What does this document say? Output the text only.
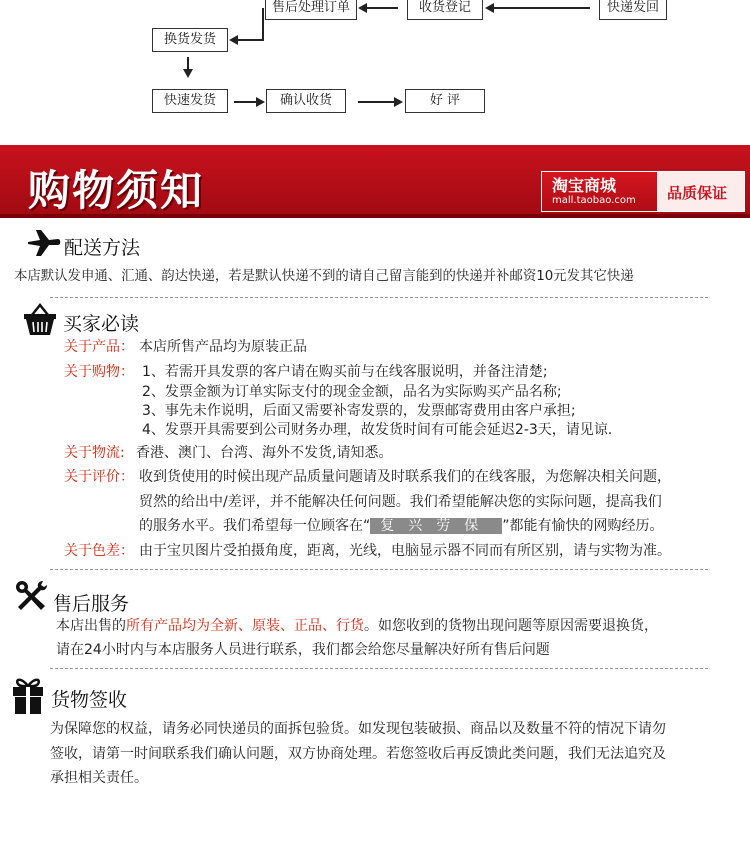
售后处理订单	收货登记	快递发回
换货发货
快速发货	确认收货	好 评
购物须知	淘宝商城
mall.taobao.com 品质保证
配送方法
本店默认发申通、汇通、韵达快递，若是默认快递不到的请自己留言能到的快递并补邮资10元发其它快递
买家必读
关于产品： 本店所售产品均为原装正品
关于购物： 1、若需开具发票的客户请在购买前与在线客服说明，并备注清楚;
2、发票金额为订单实际支付的现金金额，品名为实际购买产品名称;
3、事先未作说明，后面又需要补寄发票的，发票邮寄费用由客户承担;
4、发票开具需要到公司财务办理，故发货时间有可能会延迟2-3天，请见谅.
关于物流: 香港、澳门、台湾、海外不发货,请知悉。
关于评价： 收到货使用的时候出现产品质量问题请及时联系我们的在线客服，为您解决相关问题，
贸然的给出中/差评，并不能解决任何问题。我们希望能解决您的实际问题，提高我们
的服务水平。我们希望每一位顾客在“ 复兴劳保 ”都能有愉快的网购经历。
关于色差： 由于宝贝图片受拍摄角度，距离，光线，电脑显示器不同而有所区别，请与实物为准。
售后服务
本店出售的所有产品均为全新、原装、正品、行货。如您收到的货物出现问题等原因需要退换货，
请在24小时内与本店服务人员进行联系，我们都会给您尽量解决好所有售后问题
货物签收
为保障您的权益，请务必同快递员的面拆包验货。如发现包装破损、商品以及数量不符的情况下请勿
签收，请第一时间联系我们确认问题，双方协商处理。若您签收后再反馈此类问题，我们无法追究及
承担相关责任。
